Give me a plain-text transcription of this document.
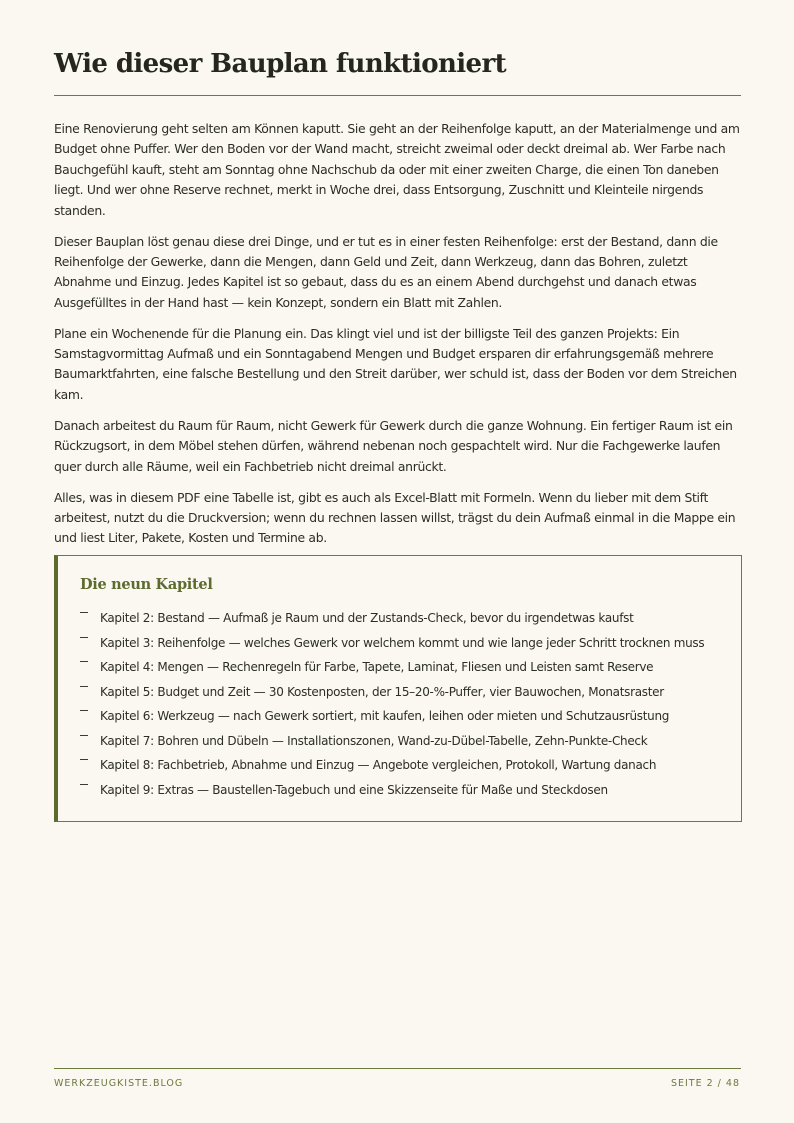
Wie dieser Bauplan funktioniert

Eine Renovierung geht selten am Können kaputt. Sie geht an der Reihenfolge kaputt, an der Materialmenge und am Budget ohne Puffer. Wer den Boden vor der Wand macht, streicht zweimal oder deckt dreimal ab. Wer Farbe nach Bauchgefühl kauft, steht am Sonntag ohne Nachschub da oder mit einer zweiten Charge, die einen Ton daneben liegt. Und wer ohne Reserve rechnet, merkt in Woche drei, dass Entsorgung, Zuschnitt und Kleinteile nirgends standen.

Dieser Bauplan löst genau diese drei Dinge, und er tut es in einer festen Reihenfolge: erst der Bestand, dann die Reihenfolge der Gewerke, dann die Mengen, dann Geld und Zeit, dann Werkzeug, dann das Bohren, zuletzt Abnahme und Einzug. Jedes Kapitel ist so gebaut, dass du es an einem Abend durchgehst und danach etwas Ausgefülltes in der Hand hast — kein Konzept, sondern ein Blatt mit Zahlen.

Plane ein Wochenende für die Planung ein. Das klingt viel und ist der billigste Teil des ganzen Projekts: Ein Samstagvormittag Aufmaß und ein Sonntagabend Mengen und Budget ersparen dir erfahrungsgemäß mehrere Baumarktfahrten, eine falsche Bestellung und den Streit darüber, wer schuld ist, dass der Boden vor dem Streichen kam.

Danach arbeitest du Raum für Raum, nicht Gewerk für Gewerk durch die ganze Wohnung. Ein fertiger Raum ist ein Rückzugsort, in dem Möbel stehen dürfen, während nebenan noch gespachtelt wird. Nur die Fachgewerke laufen quer durch alle Räume, weil ein Fachbetrieb nicht dreimal anrückt.

Alles, was in diesem PDF eine Tabelle ist, gibt es auch als Excel-Blatt mit Formeln. Wenn du lieber mit dem Stift arbeitest, nutzt du die Druckversion; wenn du rechnen lassen willst, trägst du dein Aufmaß einmal in die Mappe ein und liest Liter, Pakete, Kosten und Termine ab.

Die neun Kapitel
Kapitel 2: Bestand — Aufmaß je Raum und der Zustands-Check, bevor du irgendetwas kaufst
Kapitel 3: Reihenfolge — welches Gewerk vor welchem kommt und wie lange jeder Schritt trocknen muss
Kapitel 4: Mengen — Rechenregeln für Farbe, Tapete, Laminat, Fliesen und Leisten samt Reserve
Kapitel 5: Budget und Zeit — 30 Kostenposten, der 15–20-%-Puffer, vier Bauwochen, Monatsraster
Kapitel 6: Werkzeug — nach Gewerk sortiert, mit kaufen, leihen oder mieten und Schutzausrüstung
Kapitel 7: Bohren und Dübeln — Installationszonen, Wand-zu-Dübel-Tabelle, Zehn-Punkte-Check
Kapitel 8: Fachbetrieb, Abnahme und Einzug — Angebote vergleichen, Protokoll, Wartung danach
Kapitel 9: Extras — Baustellen-Tagebuch und eine Skizzenseite für Maße und Steckdosen
WERKZEUGKISTE.BLOG	SEITE 2 / 48
